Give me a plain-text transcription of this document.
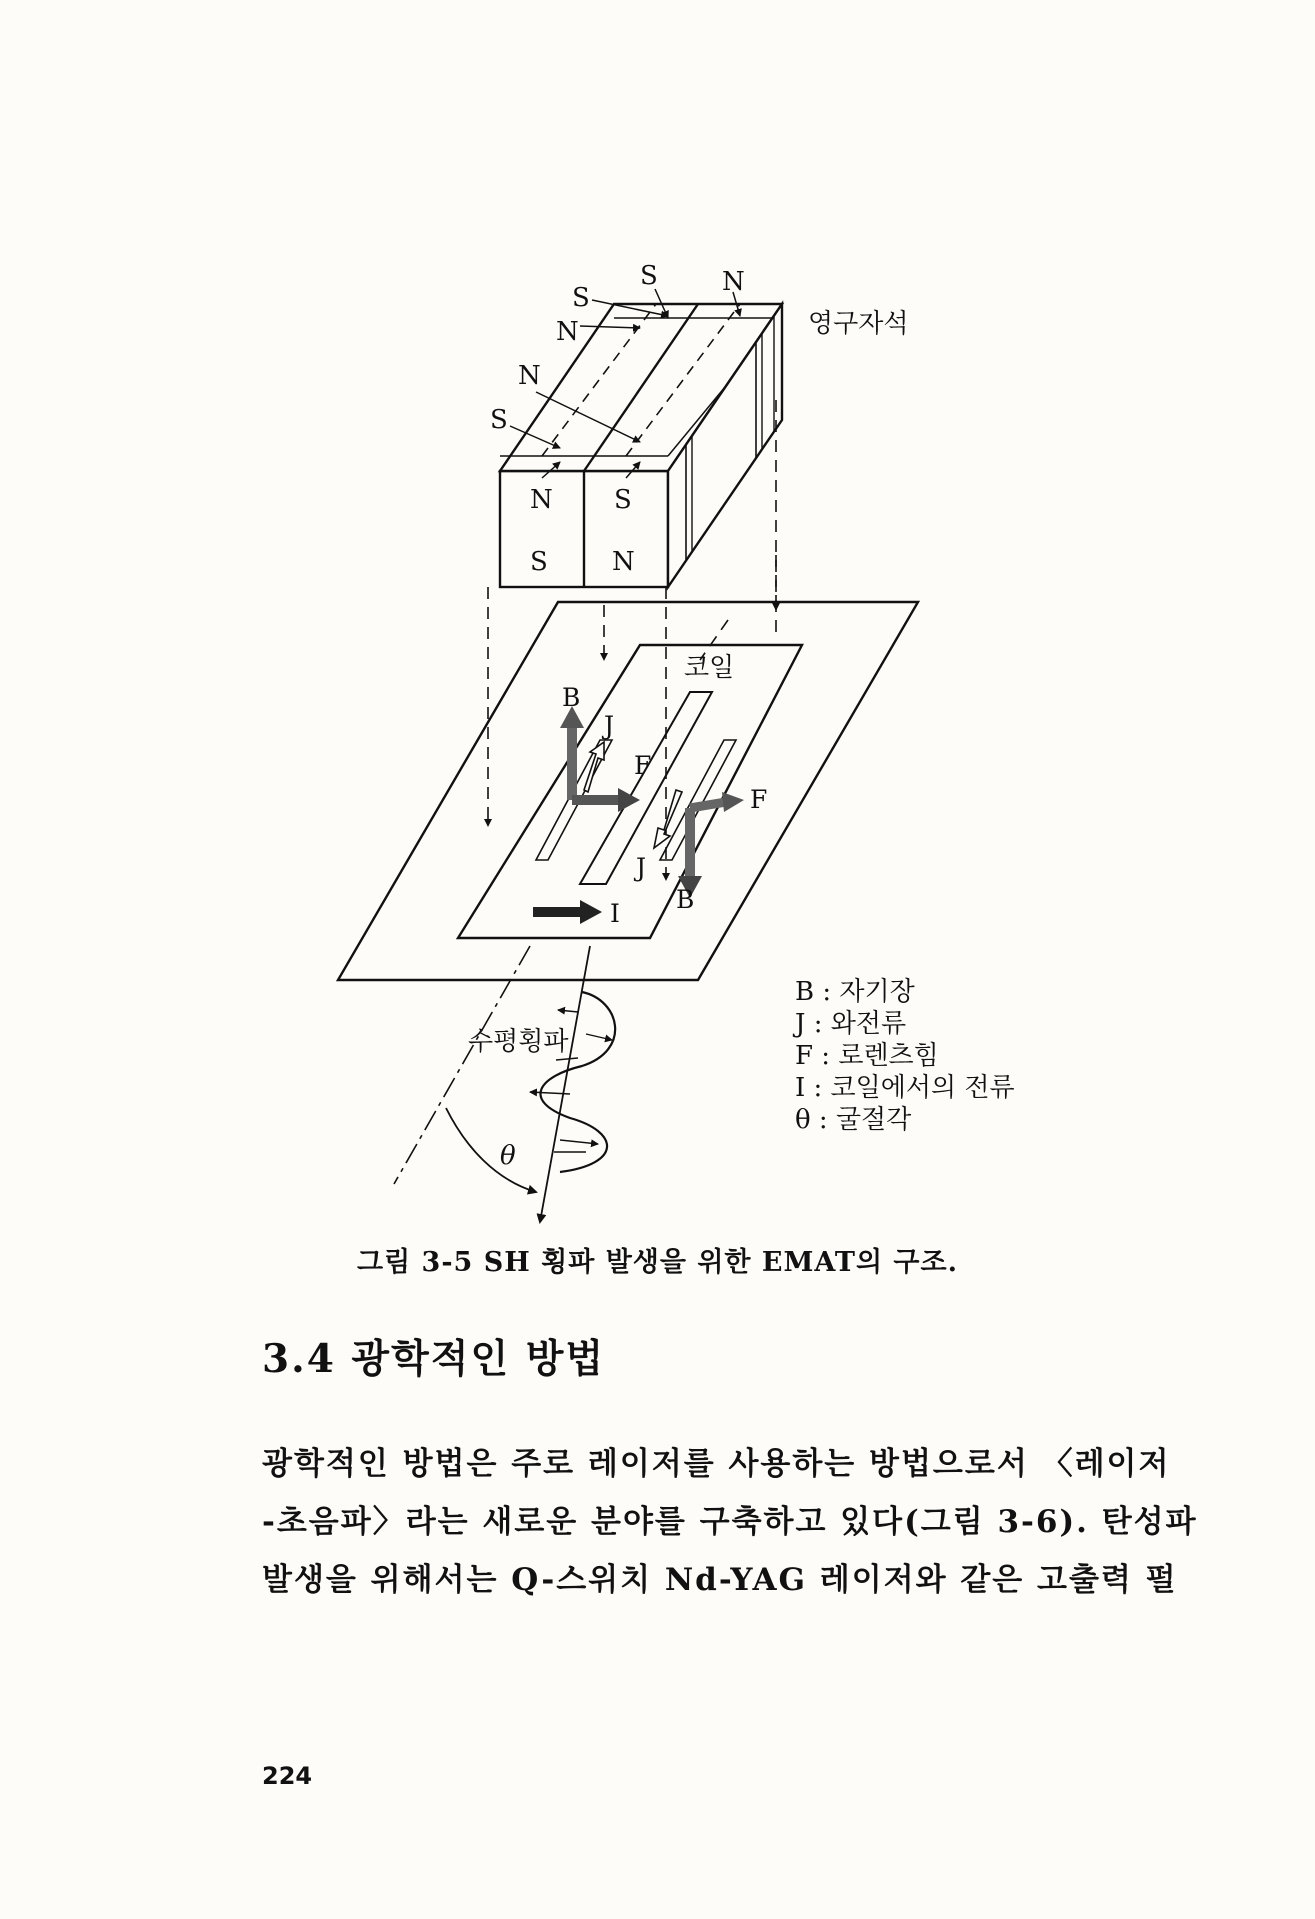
S
S
N
N
N
S
N S
S N
영구자석
코일
B
J
F
F
J
B
I
수평횡파
θ
B : 자기장
J : 와전류
F : 로렌츠힘
I : 코일에서의 전류
θ : 굴절각
그림 3-5 SH 횡파 발생을 위한 EMAT의 구조.
3.4 광학적인 방법
광학적인 방법은 주로 레이저를 사용하는 방법으로서 〈레이저
-초음파〉라는 새로운 분야를 구축하고 있다(그림 3-6). 탄성파
발생을 위해서는 Q-스위치 Nd-YAG 레이저와 같은 고출력 펄
224
